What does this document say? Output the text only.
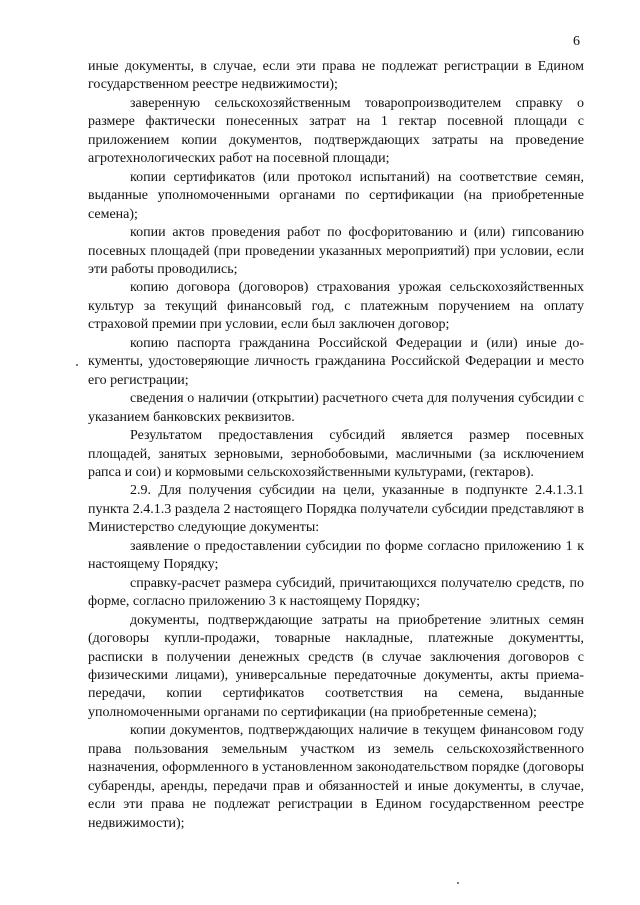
6

иные документы, в случае, если эти права не подлежат регистрации в Едином государственном реестре недвижимости);

заверенную сельскохозяйственным товаропроизводителем справку о размере фактически понесенных затрат на 1 гектар посевной площади с приложением копии документов, подтверждающих затраты на проведение агротехнологических работ на посевной площади;

копии сертификатов (или протокол испытаний) на соответствие семян, выданные уполномоченными органами по сертификации (на приобретенные семена);

копии актов проведения работ по фосфоритованию и (или) гипсованию посевных площадей (при проведении указанных мероприятий) при условии, если эти работы проводились;

копию договора (договоров) страхования урожая сельскохозяйственных культур за текущий финансовый год, с платежным поручением на оплату страховой премии при условии, если был заключен договор;

копию паспорта гражданина Российской Федерации и (или) иные документы, удостоверяющие личность гражданина Российской Федерации и место его регистрации;

сведения о наличии (открытии) расчетного счета для получения субсидии с указанием банковских реквизитов.

Результатом предоставления субсидий является размер посевных площадей, занятых зерновыми, зернобобовыми, масличными (за исключением рапса и сои) и кормовыми сельскохозяйственными культурами, (гектаров).

2.9. Для получения субсидии на цели, указанные в подпункте 2.4.1.3.1 пункта 2.4.1.3 раздела 2 настоящего Порядка получатели субсидии представляют в Министерство следующие документы:

заявление о предоставлении субсидии по форме согласно приложению 1 к настоящему Порядку;

справку-расчет размера субсидий, причитающихся получателю средств, по форме, согласно приложению 3 к настоящему Порядку;

документы, подтверждающие затраты на приобретение элитных семян (договоры купли-продажи, товарные накладные, платежные документты, расписки в получении денежных средств (в случае заключения договоров с физическими лицами), универсальные передаточные документы, акты приема-передачи, копии сертификатов соответствия на семена, выданные уполномоченными органами по сертификации (на приобретенные семена);

копии документов, подтверждающих наличие в текущем финансовом году права пользования земельным участком из земель сельскохозяйственного назначения, оформленного в установленном законодательством порядке (договоры субаренды, аренды, передачи прав и обязанностей и иные документы, в случае, если эти права не подлежат регистрации в Едином государственном реестре недвижимости);
